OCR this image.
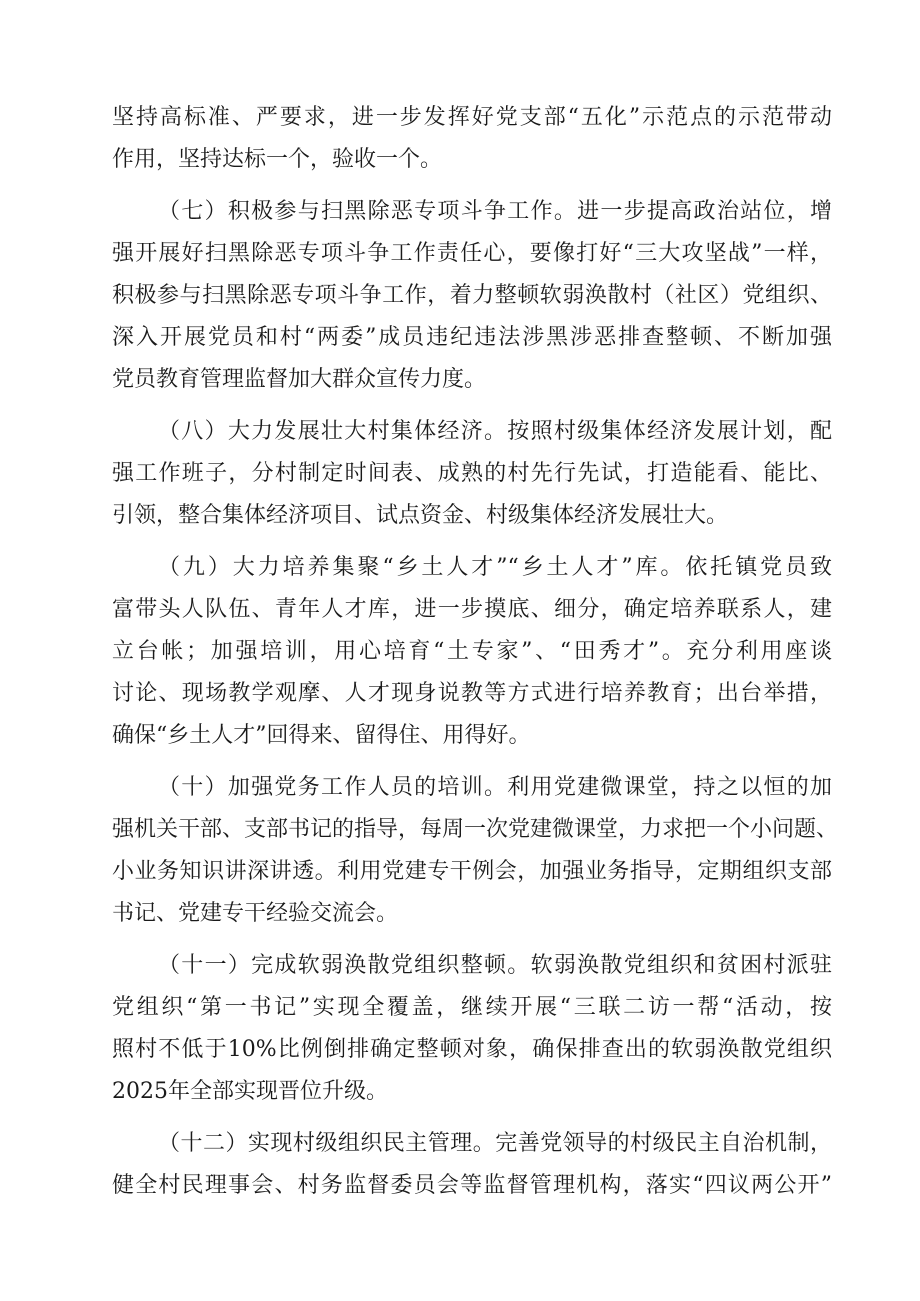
坚持高标准、严要求，进一步发挥好党支部“五化”示范点的示范带动
作用，坚持达标一个，验收一个。
（七）积极参与扫黑除恶专项斗争工作。进一步提高政治站位，增
强开展好扫黑除恶专项斗争工作责任心，要像打好“三大攻坚战”一样，
积极参与扫黑除恶专项斗争工作，着力整顿软弱涣散村（社区）党组织、
深入开展党员和村“两委”成员违纪违法涉黑涉恶排查整顿、不断加强
党员教育管理监督加大群众宣传力度。
（八）大力发展壮大村集体经济。按照村级集体经济发展计划，配
强工作班子，分村制定时间表、成熟的村先行先试，打造能看、能比、
引领，整合集体经济项目、试点资金、村级集体经济发展壮大。
（九）大力培养集聚“乡土人才”“乡土人才”库。依托镇党员致
富带头人队伍、青年人才库，进一步摸底、细分，确定培养联系人，建
立台帐；加强培训，用心培育“土专家”、“田秀才”。充分利用座谈
讨论、现场教学观摩、人才现身说教等方式进行培养教育；出台举措，
确保“乡土人才”回得来、留得住、用得好。
（十）加强党务工作人员的培训。利用党建微课堂，持之以恒的加
强机关干部、支部书记的指导，每周一次党建微课堂，力求把一个小问题、
小业务知识讲深讲透。利用党建专干例会，加强业务指导，定期组织支部
书记、党建专干经验交流会。
（十一）完成软弱涣散党组织整顿。软弱涣散党组织和贫困村派驻
党组织“第一书记”实现全覆盖，继续开展“三联二访一帮“活动，按
照村不低于10%比例倒排确定整顿对象，确保排查出的软弱涣散党组织
2025年全部实现晋位升级。
（十二）实现村级组织民主管理。完善党领导的村级民主自治机制，
健全村民理事会、村务监督委员会等监督管理机构，落实“四议两公开”
